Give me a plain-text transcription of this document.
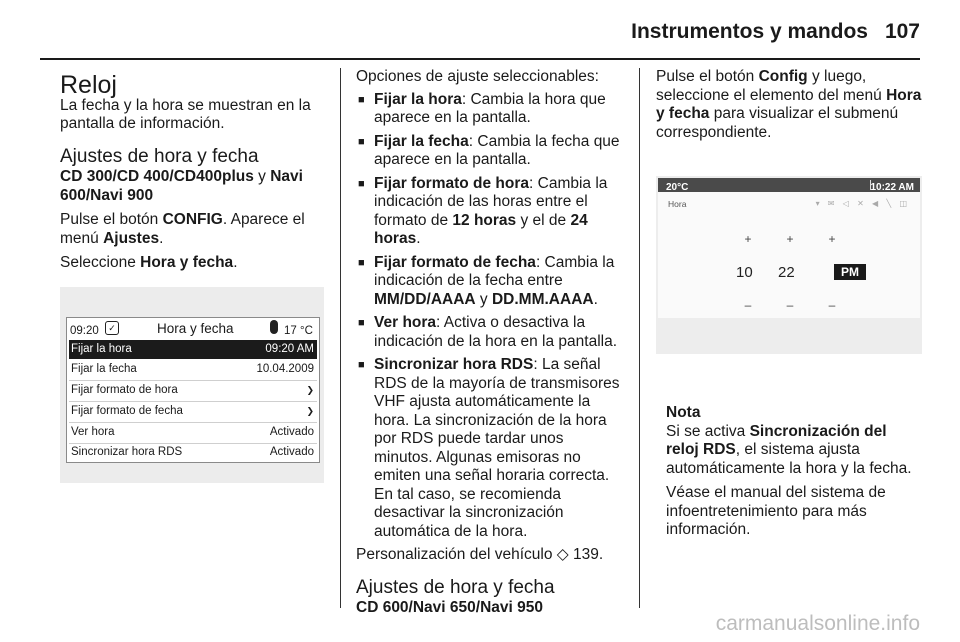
Instrumentos y mandos 107
Reloj

La fecha y la hora se muestran en la pantalla de información.

Ajustes de hora y fecha
CD 300/CD 400/CD400plus y Navi 600/Navi 900

Pulse el botón CONFIG. Aparece el menú Ajustes.

Seleccione Hora y fecha.

09:20	✓	Hora y fecha	17 °C
Fijar la hora	09:20 AM
Fijar la fecha	10.04.2009
Fijar formato de hora	❯
Fijar formato de fecha	❯
Ver hora	Activado
Sincronizar hora RDS	Activado

Opciones de ajuste seleccionables:

■ Fijar la hora: Cambia la hora que aparece en la pantalla.
■ Fijar la fecha: Cambia la fecha que aparece en la pantalla.
■ Fijar formato de hora: Cambia la indicación de las horas entre el formato de 12 horas y el de 24 horas.
■ Fijar formato de fecha: Cambia la indicación de la fecha entre MM/DD/AAAA y DD.MM.AAAA.
■ Ver hora: Activa o desactiva la indicación de la hora en la pantalla.
■ Sincronizar hora RDS: La señal RDS de la mayoría de transmisores VHF ajusta automáticamente la hora. La sincronización de la hora por RDS puede tardar unos minutos. Algunas emisoras no emiten una señal horaria correcta. En tal caso, se recomienda desactivar la sincronización automática de la hora.

Personalización del vehículo ◇ 139.

Ajustes de hora y fecha
CD 600/Navi 650/Navi 950

Pulse el botón Config y luego, seleccione el elemento del menú Hora y fecha para visualizar el submenú correspondiente.

20°C	10:22 AM
Hora	▾ ✉ ◁ ✕ ◀ ╲ ◫
+	+	+
10 22	PM
–	–	–

Nota

Si se activa Sincronización del reloj RDS, el sistema ajusta automáticamente la hora y la fecha.

Véase el manual del sistema de infoentretenimiento para más información.

carmanualsonline.info
